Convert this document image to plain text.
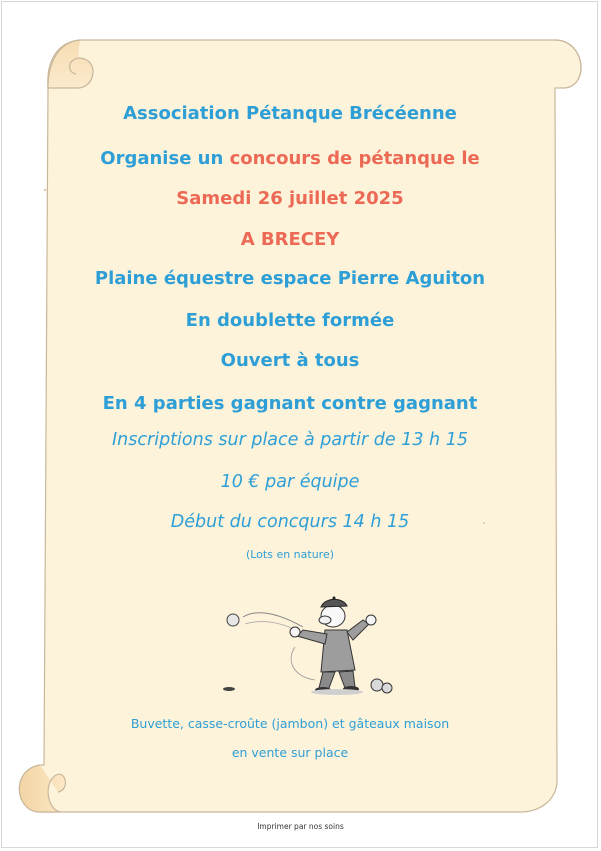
Association Pétanque Brécéenne
Organise un concours de pétanque le
Samedi 26 juillet 2025
A BRECEY
Plaine équestre espace Pierre Aguiton
En doublette formée
Ouvert à tous
En 4 parties gagnant contre gagnant
Inscriptions sur place à partir de 13 h 15
10 € par équipe
Début du concqurs 14 h 15
(Lots en nature)
Buvette, casse-croûte (jambon) et gâteaux maison
en vente sur place
Imprimer par nos soins
